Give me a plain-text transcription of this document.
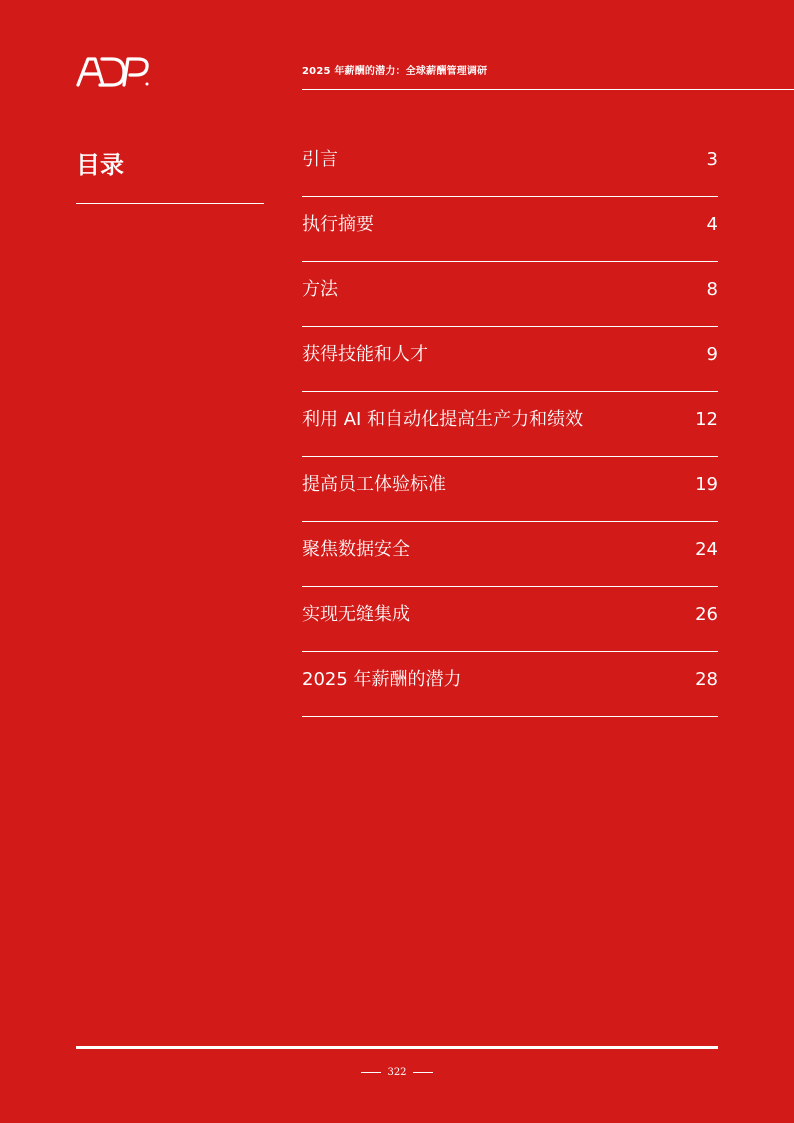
2025 年薪酬的潜力：全球薪酬管理调研
目录	引言	3
执行摘要	4
方法	8
获得技能和人才	9
利用 AI 和自动化提高生产力和绩效	12
提高员工体验标准	19
聚焦数据安全	24
实现无缝集成	26
2025 年薪酬的潜力	28
322
